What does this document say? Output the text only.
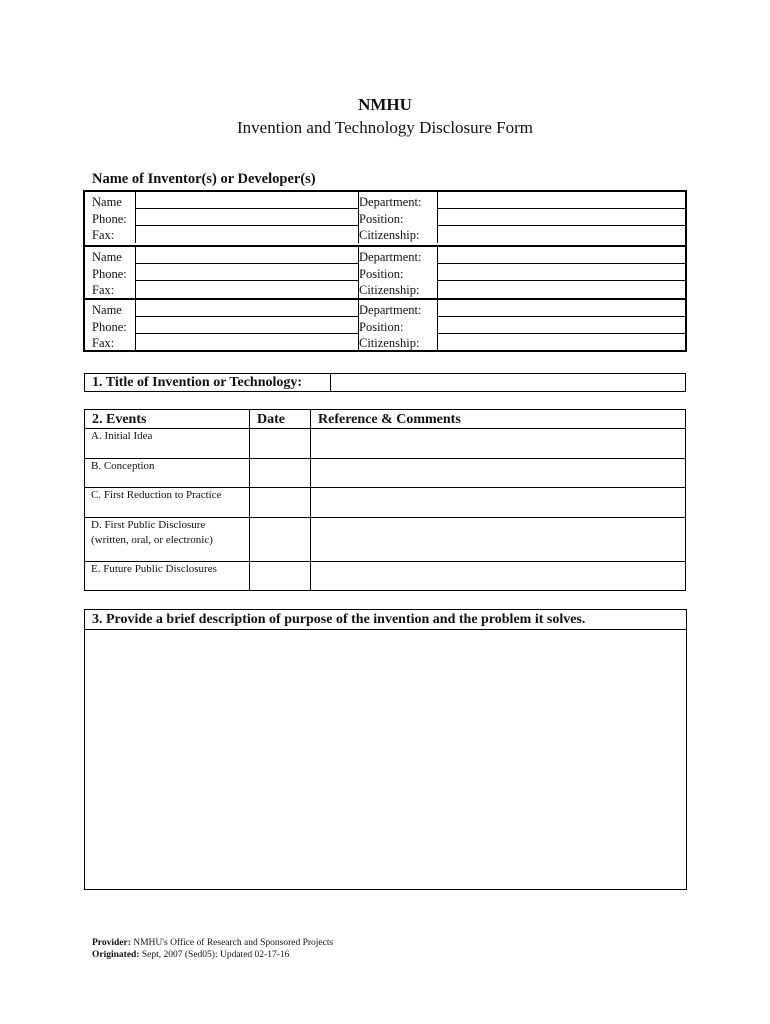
NMHU
Invention and Technology Disclosure Form
Name of Inventor(s) or Developer(s)
Name
Phone:
Fax:
Department:
Position:
Citizenship:
Name
Phone:
Fax:
Department:
Position:
Citizenship:
Name
Phone:
Fax:
Department:
Position:
Citizenship:
1. Title of Invention or Technology:
2. Events	Date Reference & Comments
A. Initial Idea
B. Conception
C. First Reduction to Practice
D. First Public Disclosure
(written, oral, or electronic)
E. Future Public Disclosures
3. Provide a brief description of purpose of the invention and the problem it solves.
Provider: NMHU's Office of Research and Sponsored Projects
Originated: Sept, 2007 (Sed05): Updated 02-17-16
